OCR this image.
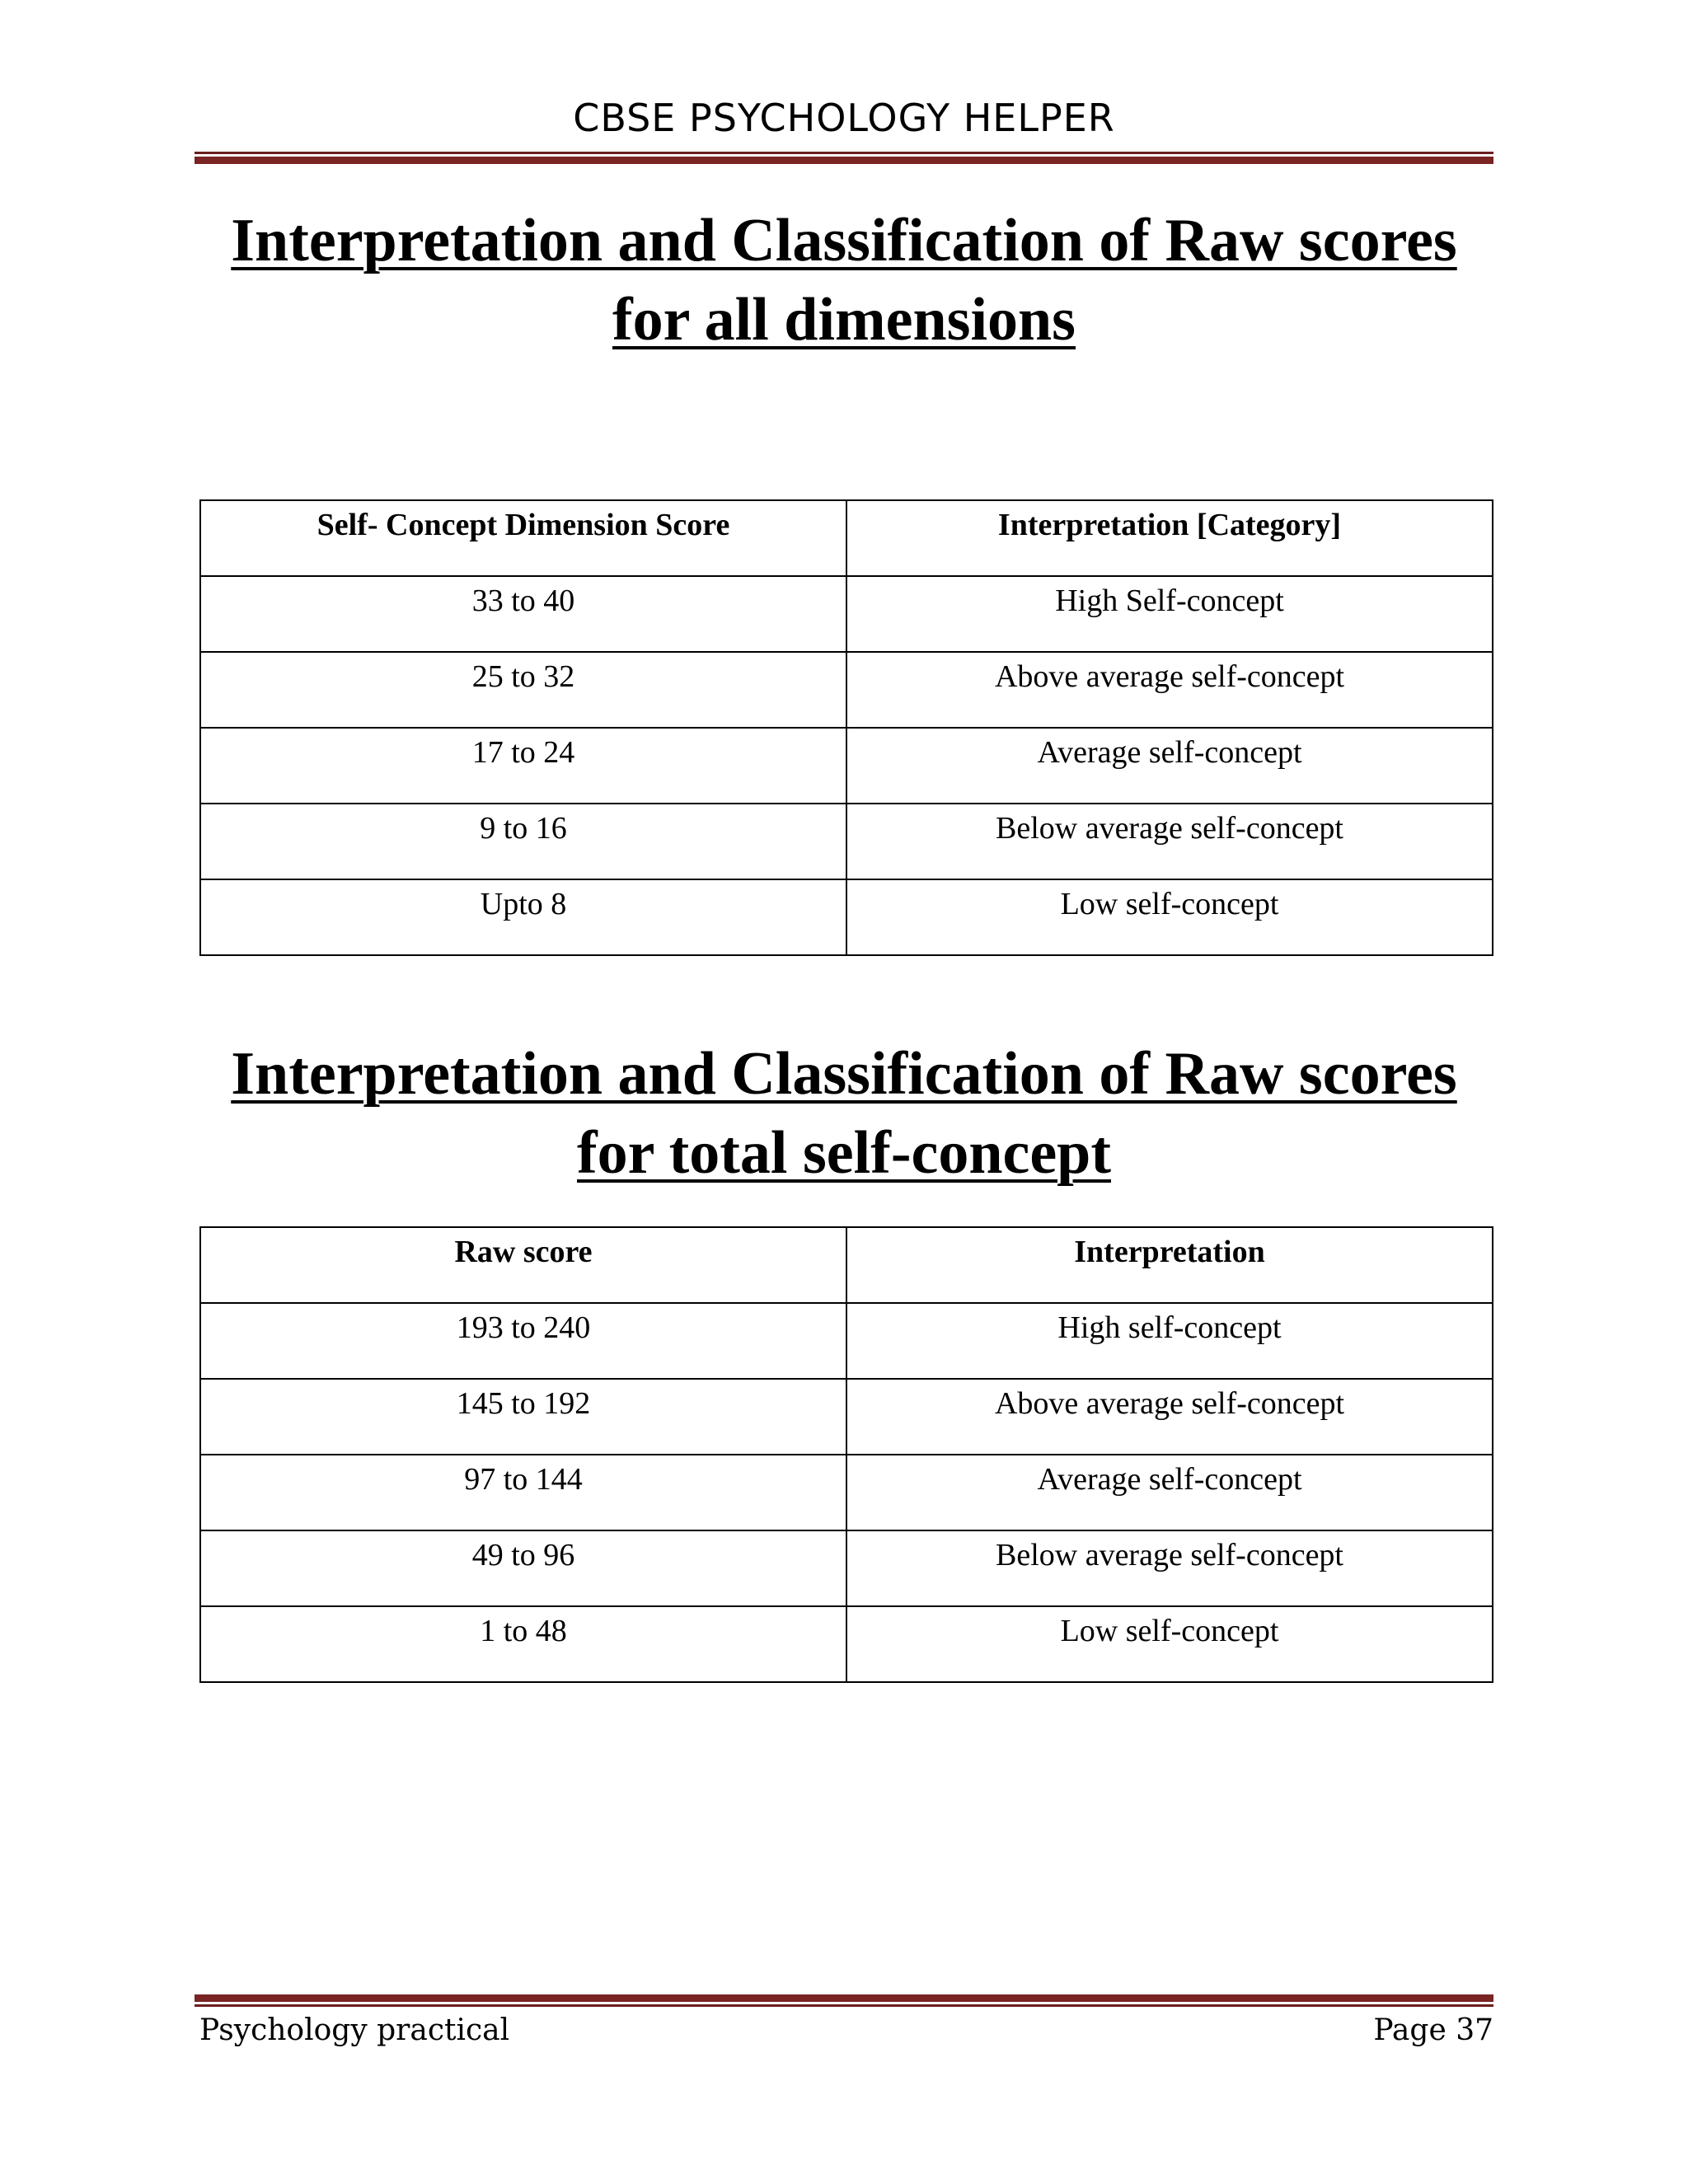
CBSE PSYCHOLOGY HELPER
Interpretation and Classification of Raw scores
for all dimensions
Self- Concept Dimension Score	Interpretation [Category]

33 to 40	High Self-concept

25 to 32	Above average self-concept

17 to 24	Average self-concept

9 to 16	Below average self-concept

Upto 8	Low self-concept
Interpretation and Classification of Raw scores
for total self-concept
Raw score	Interpretation

193 to 240	High self-concept

145 to 192	Above average self-concept

97 to 144	Average self-concept

49 to 96	Below average self-concept

1 to 48	Low self-concept
Psychology practical	Page 37
